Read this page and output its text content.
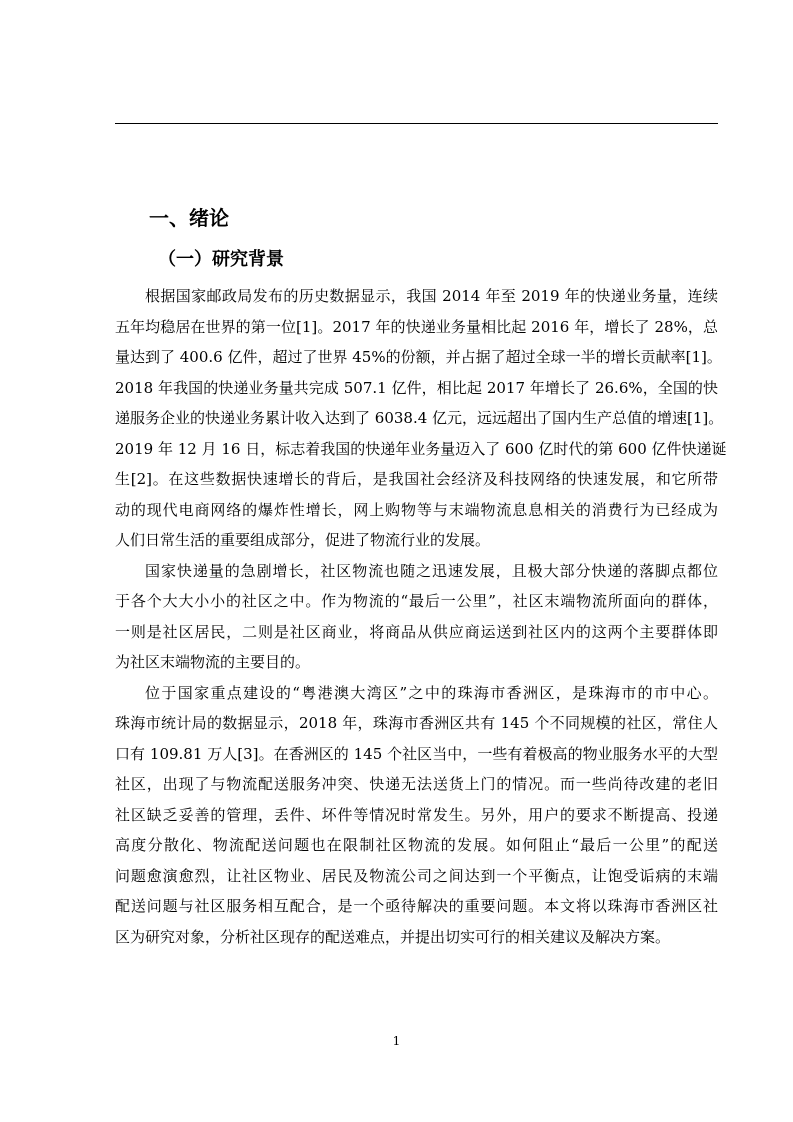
一、绪论
（一）研究背景
根据国家邮政局发布的历史数据显示，我国 2014 年至 2019 年的快递业务量，连续
五年均稳居在世界的第一位[1]。2017 年的快递业务量相比起 2016 年，增长了 28%，总
量达到了 400.6 亿件，超过了世界 45%的份额，并占据了超过全球一半的增长贡献率[1]。
2018 年我国的快递业务量共完成 507.1 亿件，相比起 2017 年增长了 26.6%，全国的快
递服务企业的快递业务累计收入达到了 6038.4 亿元，远远超出了国内生产总值的增速[1]。
2019 年 12 月 16 日，标志着我国的快递年业务量迈入了 600 亿时代的第 600 亿件快递诞
生[2]。在这些数据快速增长的背后，是我国社会经济及科技网络的快速发展，和它所带
动的现代电商网络的爆炸性增长，网上购物等与末端物流息息相关的消费行为已经成为
人们日常生活的重要组成部分，促进了物流行业的发展。
国家快递量的急剧增长，社区物流也随之迅速发展，且极大部分快递的落脚点都位
于各个大大小小的社区之中。作为物流的“最后一公里”，社区末端物流所面向的群体，
一则是社区居民，二则是社区商业，将商品从供应商运送到社区内的这两个主要群体即
为社区末端物流的主要目的。
位于国家重点建设的“粤港澳大湾区”之中的珠海市香洲区，是珠海市的市中心。
珠海市统计局的数据显示，2018 年，珠海市香洲区共有 145 个不同规模的社区，常住人
口有 109.81 万人[3]。在香洲区的 145 个社区当中，一些有着极高的物业服务水平的大型
社区，出现了与物流配送服务冲突、快递无法送货上门的情况。而一些尚待改建的老旧
社区缺乏妥善的管理，丢件、坏件等情况时常发生。另外，用户的要求不断提高、投递
高度分散化、物流配送问题也在限制社区物流的发展。如何阻止“最后一公里”的配送
问题愈演愈烈，让社区物业、居民及物流公司之间达到一个平衡点，让饱受诟病的末端
配送问题与社区服务相互配合，是一个亟待解决的重要问题。本文将以珠海市香洲区社
区为研究对象，分析社区现存的配送难点，并提出切实可行的相关建议及解决方案。
1
